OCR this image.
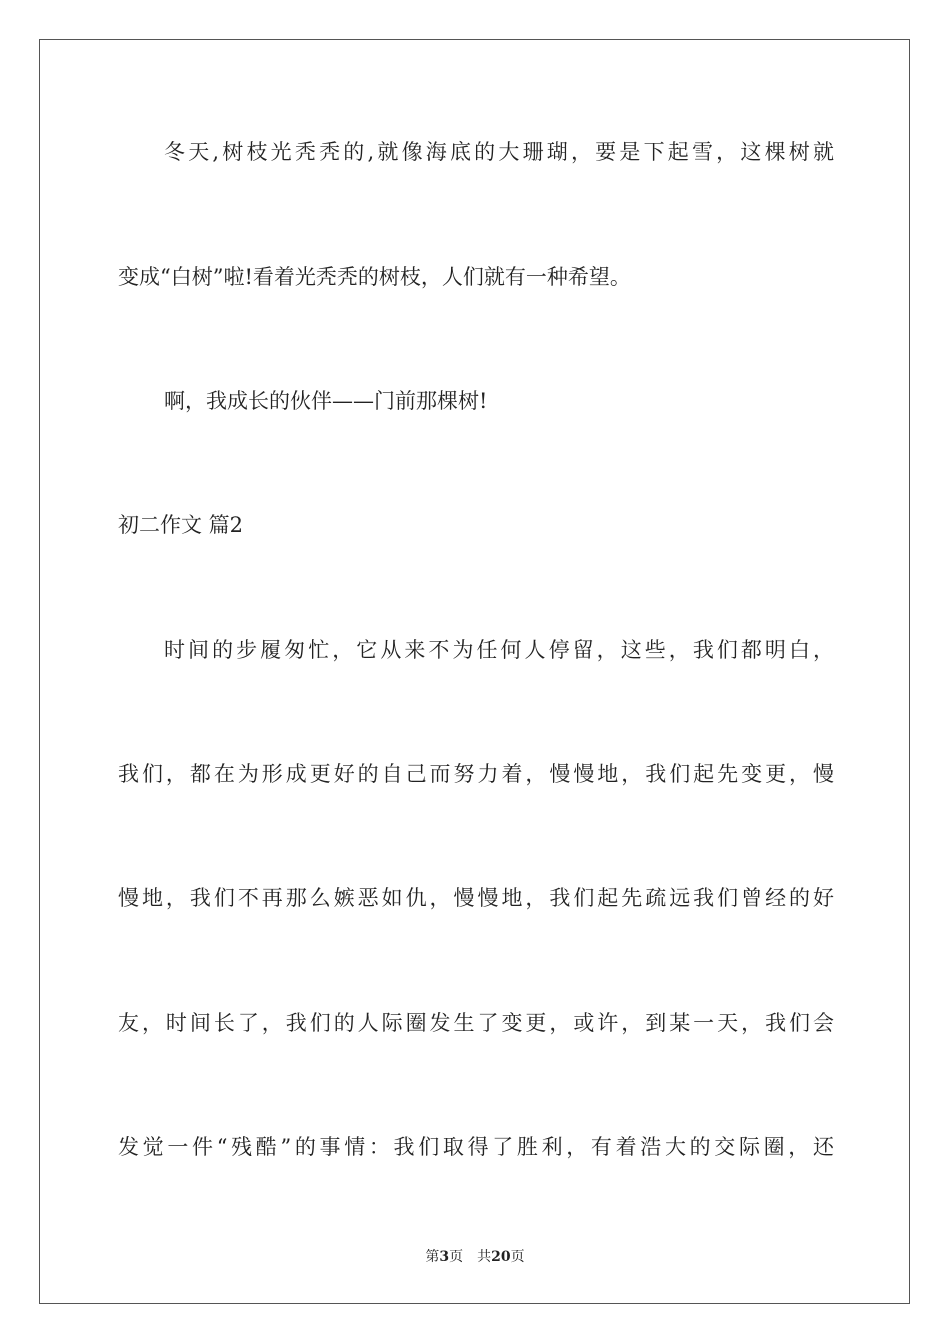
冬天,树枝光秃秃的,就像海底的大珊瑚，要是下起雪，这棵树就
变成“白树”啦!看着光秃秃的树枝，人们就有一种希望。
啊，我成长的伙伴——门前那棵树!
初二作文 篇2
时间的步履匆忙，它从来不为任何人停留，这些，我们都明白，
我们，都在为形成更好的自己而努力着，慢慢地，我们起先变更，慢
慢地，我们不再那么嫉恶如仇，慢慢地，我们起先疏远我们曾经的好
友，时间长了，我们的人际圈发生了变更，或许，到某一天，我们会
发觉一件“残酷”的事情：我们取得了胜利，有着浩大的交际圈，还
第3页 共20页
